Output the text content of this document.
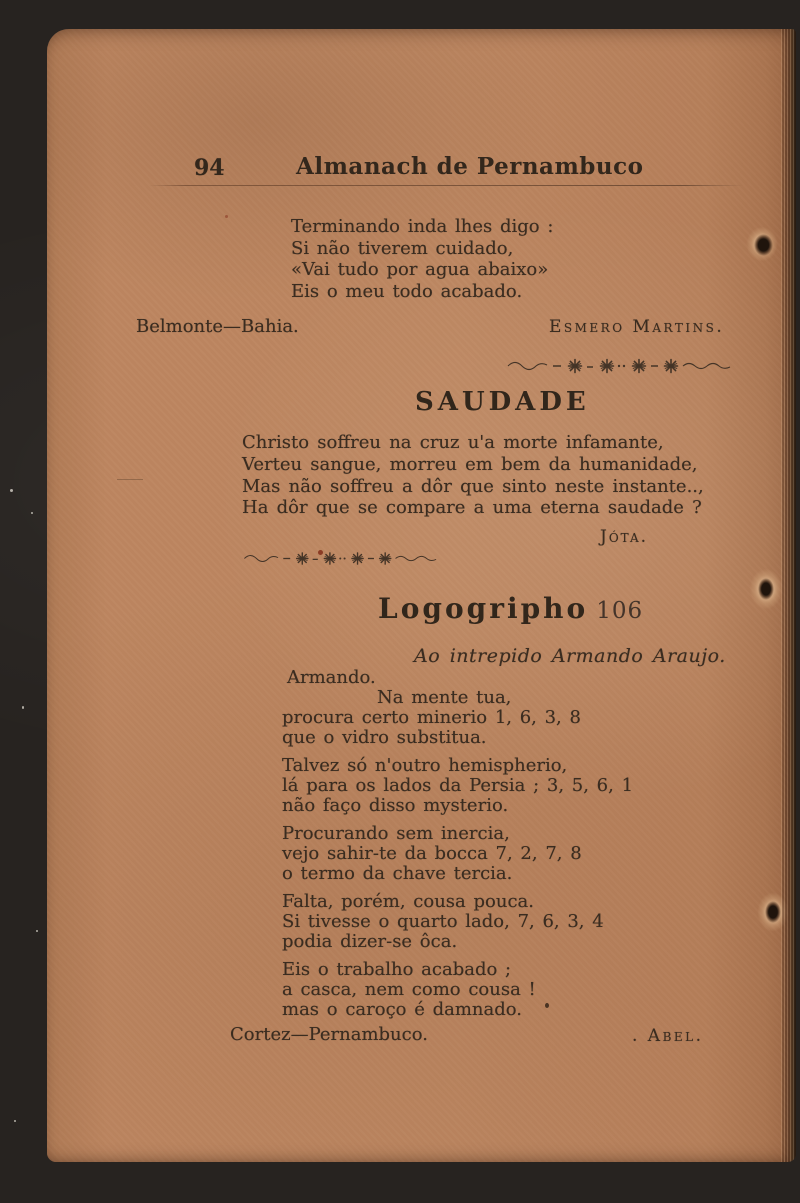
94	Almanach de Pernambuco
Terminando inda lhes digo :
Si não tiverem cuidado,
«Vai tudo por agua abaixo»
Eis o meu todo acabado.
Belmonte—Bahia.	Esmero Martins.
SAUDADE
Christo soffreu na cruz u'a morte infamante,
Verteu sangue, morreu em bem da humanidade,
Mas não soffreu a dôr que sinto neste instante..,
Ha dôr que se compare a uma eterna saudade ?
Jóta.
Logogripho 106
Ao intrepido Armando Araujo.
Armando.
Na mente tua,
procura certo minerio 1, 6, 3, 8
que o vidro substitua.
Talvez só n'outro hemispherio,
lá para os lados da Persia ; 3, 5, 6, 1
não faço disso mysterio.
Procurando sem inercia,
vejo sahir-te da bocca 7, 2, 7, 8
o termo da chave tercia.
Falta, porém, cousa pouca.
Si tivesse o quarto lado, 7, 6, 3, 4
podia dizer-se ôca.
Eis o trabalho acabado ;
a casca, nem como cousa !
mas o caroço é damnado.
Cortez—Pernambuco.	. Abel.
